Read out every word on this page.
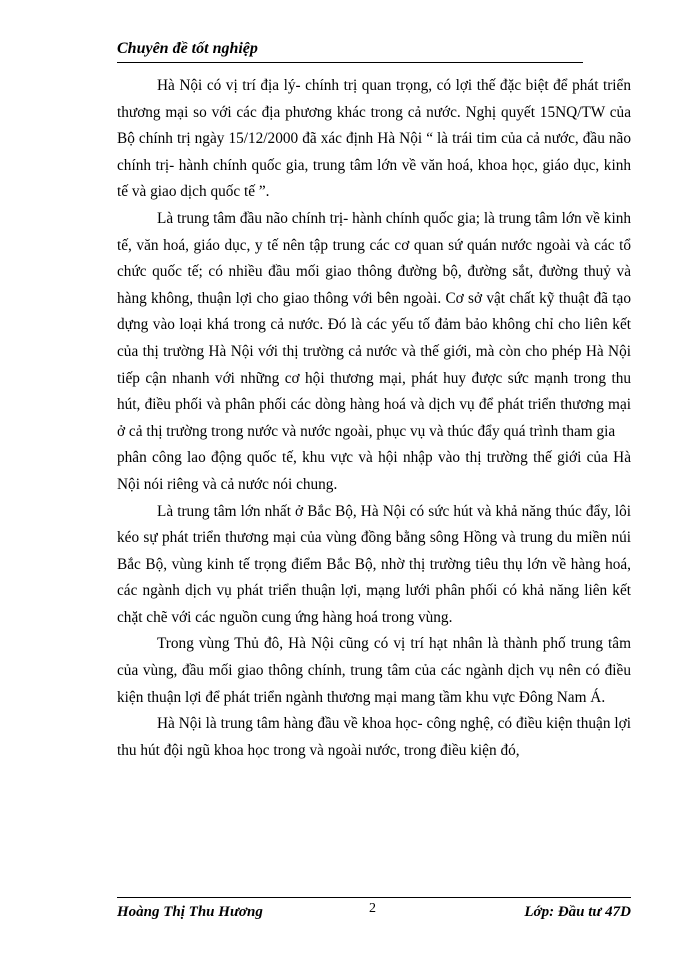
Chuyên đề tốt nghiệp

Hà Nội có vị trí địa lý- chính trị quan trọng, có lợi thế đặc biệt để phát triển thương mại so với các địa phương khác trong cả nước. Nghị quyết 15NQ/TW của Bộ chính trị ngày 15/12/2000 đã xác định Hà Nội “ là trái tim của cả nước, đầu não chính trị- hành chính quốc gia, trung tâm lớn về văn hoá, khoa học, giáo dục, kinh tế và giao dịch quốc tế ”.

Là trung tâm đầu não chính trị- hành chính quốc gia; là trung tâm lớn về kinh tế, văn hoá, giáo dục, y tế nên tập trung các cơ quan sứ quán nước ngoài và các tổ chức quốc tế; có nhiều đầu mối giao thông đường bộ, đường sắt, đường thuỷ và hàng không, thuận lợi cho giao thông với bên ngoài. Cơ sở vật chất kỹ thuật đã tạo dựng vào loại khá trong cả nước. Đó là các yếu tố đảm bảo không chỉ cho liên kết của thị trường Hà Nội với thị trường cả nước và thế giới, mà còn cho phép Hà Nội tiếp cận nhanh với những cơ hội thương mại, phát huy được sức mạnh trong thu hút, điều phối và phân phối các dòng hàng hoá và dịch vụ để phát triển thương mại ở cả thị trường trong nước và nước ngoài, phục vụ và thúc đẩy quá trình tham gia

phân công lao động quốc tế, khu vực và hội nhập vào thị trường thế giới của Hà Nội nói riêng và cả nước nói chung.

Là trung tâm lớn nhất ở Bắc Bộ, Hà Nội có sức hút và khả năng thúc đẩy, lôi kéo sự phát triển thương mại của vùng đồng bằng sông Hồng và trung du miền núi Bắc Bộ, vùng kinh tế trọng điểm Bắc Bộ, nhờ thị trường tiêu thụ lớn về hàng hoá, các ngành dịch vụ phát triển thuận lợi, mạng lưới phân phối có khả năng liên kết chặt chẽ với các nguồn cung ứng hàng hoá trong vùng.

Trong vùng Thủ đô, Hà Nội cũng có vị trí hạt nhân là thành phố trung tâm của vùng, đầu mối giao thông chính, trung tâm của các ngành dịch vụ nên có điều kiện thuận lợi để phát triển ngành thương mại mang tầm khu vực Đông Nam Á.

Hà Nội là trung tâm hàng đầu về khoa học- công nghệ, có điều kiện thuận lợi thu hút đội ngũ khoa học trong và ngoài nước, trong điều kiện đó,

Hoàng Thị Thu Hương	2	Lớp: Đầu tư 47D
